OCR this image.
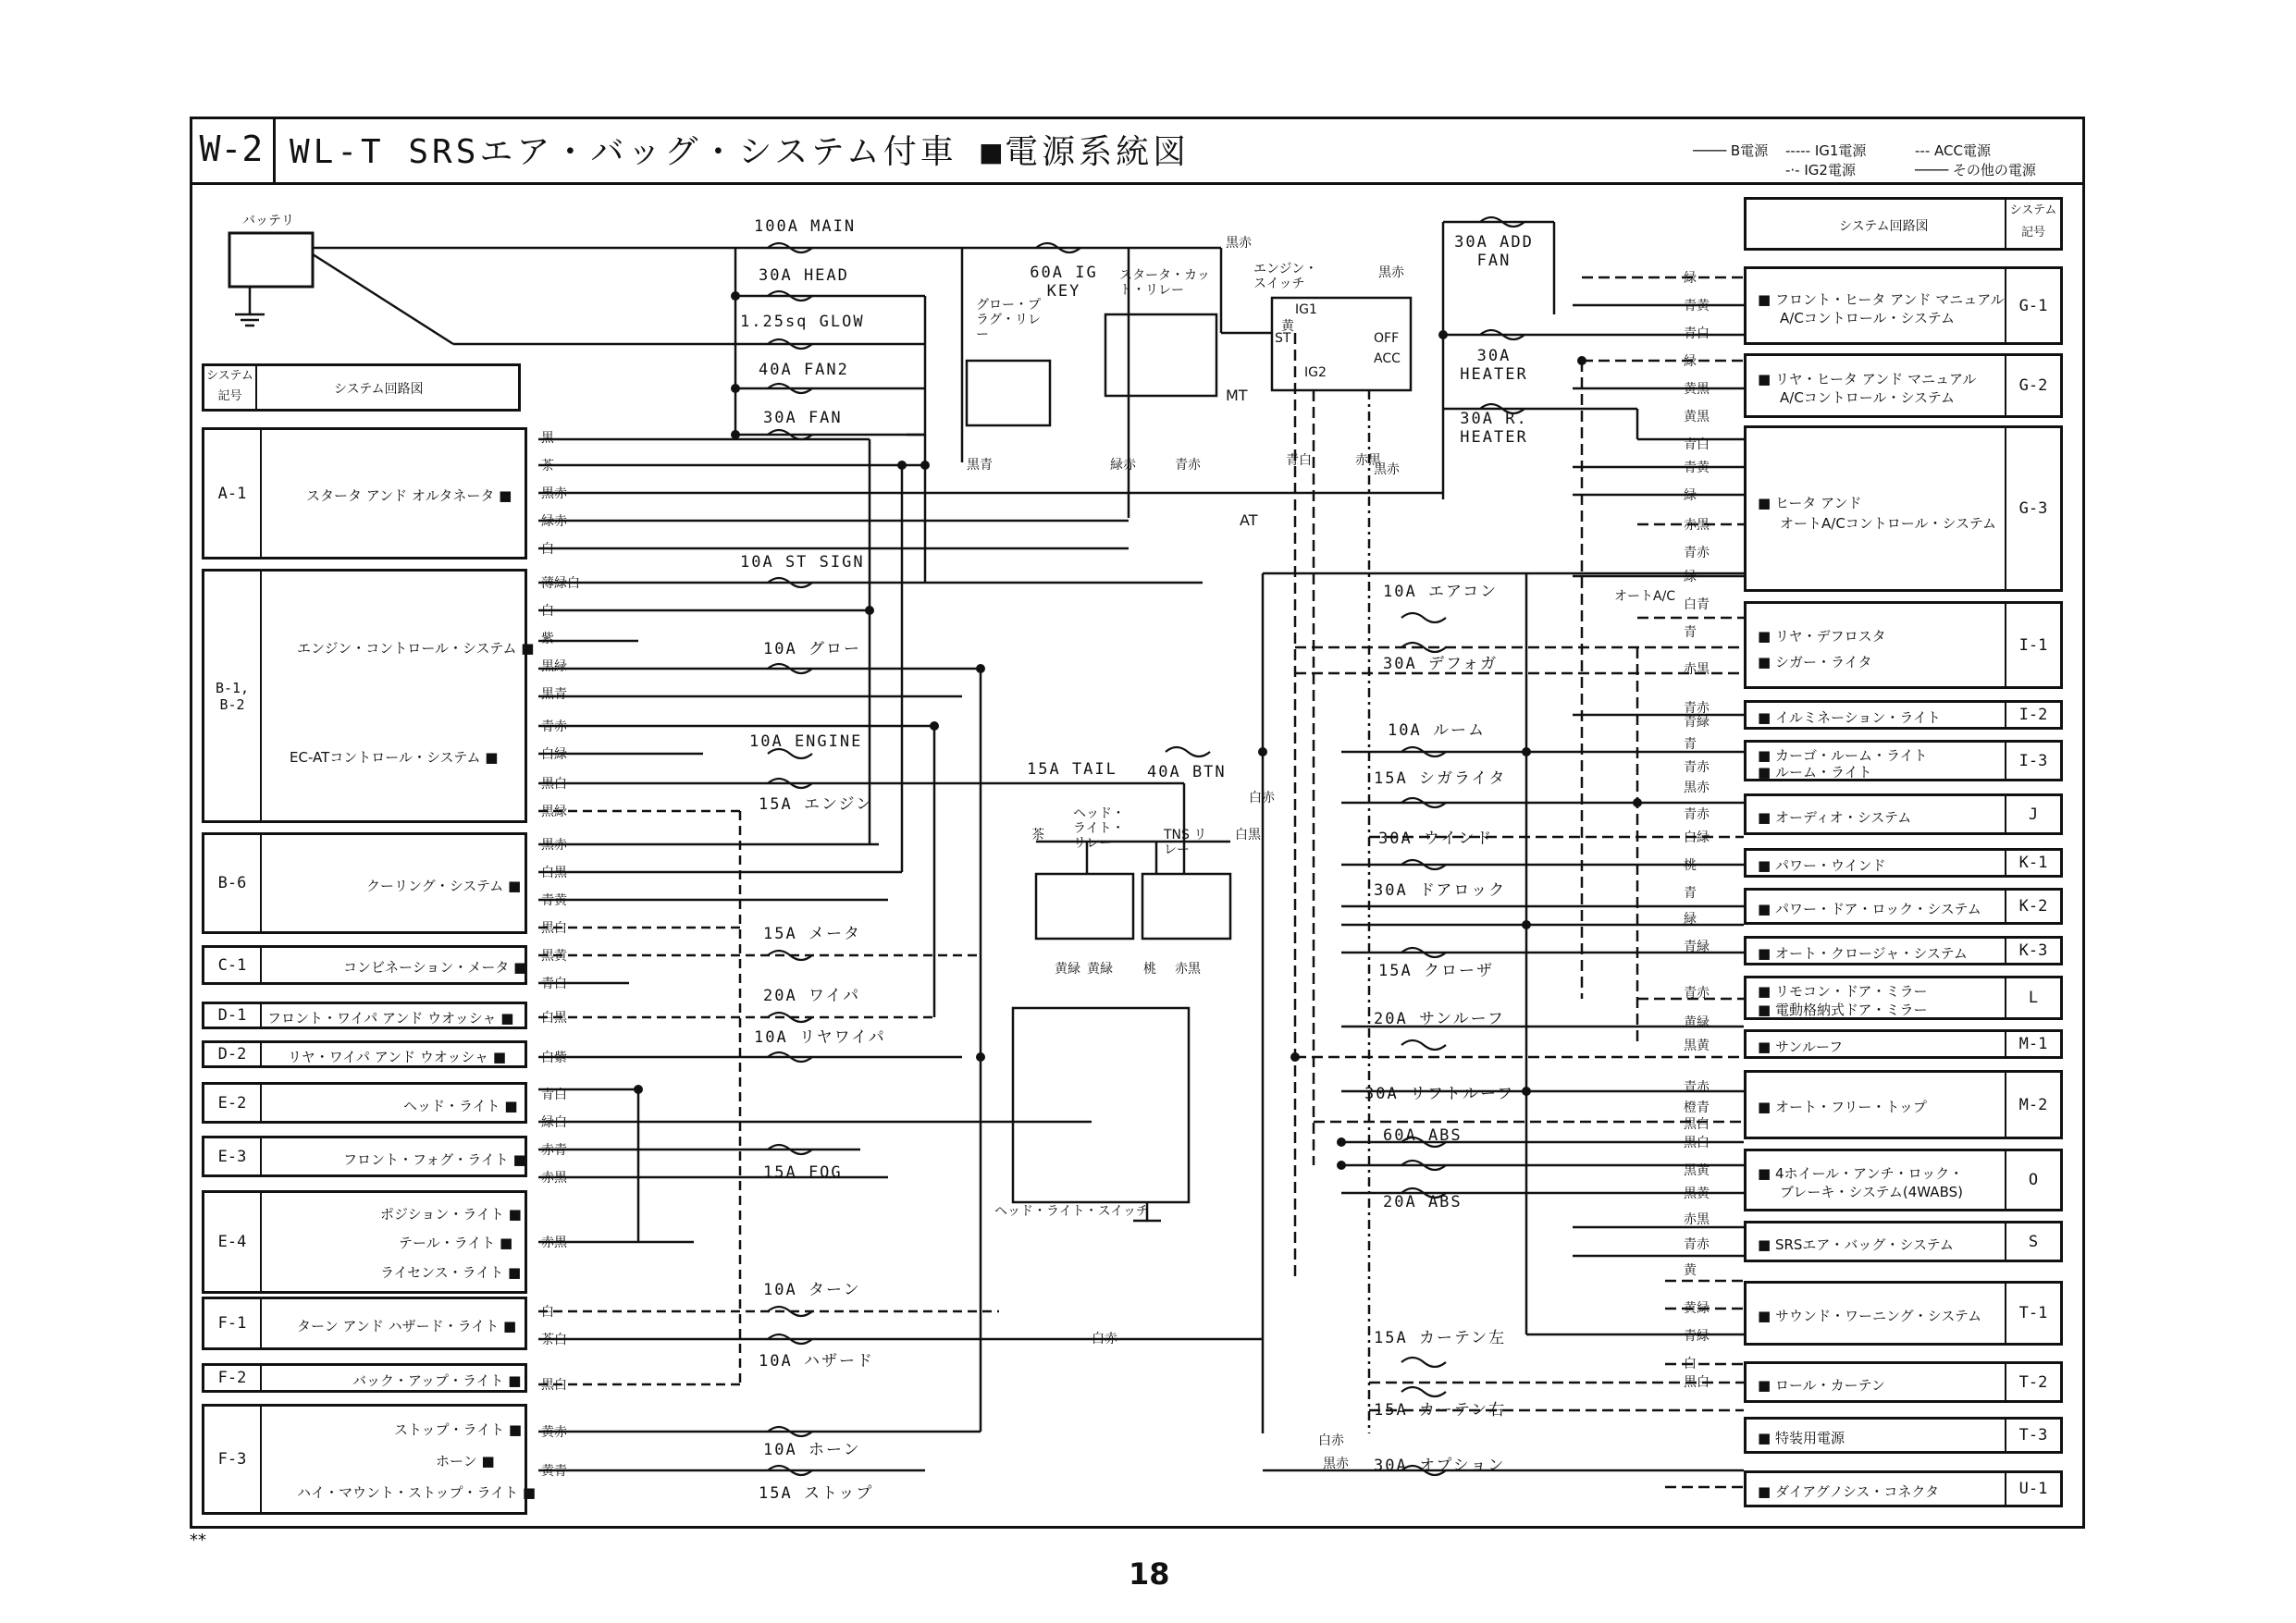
W-2 WL-T SRSエア・バッグ・システム付車 ■電源系統図	──── B電源 ----- IG1電源	--- ACC電源
-·- IG2電源	──── その他の電源
バッテリ
システム記号	システム回路図
システム回路図
システム記号
A-1	スタータ アンド オルタネータ ■
B-1, B-2
エンジン・コントロール・システム ■
EC-ATコントロール・システム ■
B-6	クーリング・システム ■
C-1	コンビネーション・メータ ■
D-1	フロント・ワイパ アンド ウオッシャ ■
D-2	リヤ・ワイパ アンド ウオッシャ ■
E-2	ヘッド・ライト ■
E-3	フロント・フォグ・ライト ■
E-4
ポジション・ライト ■
テール・ライト ■
ライセンス・ライト ■
F-1	ターン アンド ハザード・ライト ■
F-2	バック・アップ・ライト ■
F-3
ストップ・ライト ■
ホーン ■
ハイ・マウント・ストップ・ライト ■
■ フロント・ヒータ アンド マニュアル
A/Cコントロール・システム
G-1
■ リヤ・ヒータ アンド マニュアル
A/Cコントロール・システム
G-2
■ ヒータ アンド
オートA/Cコントロール・システム
G-3
■ リヤ・デフロスタ
■ シガー・ライタ
I-1
■ イルミネーション・ライト	I-2
■ カーゴ・ルーム・ライト
■ ルーム・ライト
I-3
■ オーディオ・システム	J
■ パワー・ウインド	K-1
■ パワー・ドア・ロック・システム	K-2
■ オート・クロージャ・システム	K-3
■ リモコン・ドア・ミラー
■ 電動格納式ドア・ミラー
L
■ サンルーフ	M-1
■ オート・フリー・トップ	M-2
■ 4ホイール・アンチ・ロック・
ブレーキ・システム(4WABS)
O
■ SRSエア・バッグ・システム	S
■ サウンド・ワーニング・システム	T-1
■ ロール・カーテン	T-2
■ 特装用電源	T-3
■ ダイアグノシス・コネクタ	U-1
100A MAIN
30A HEAD
1.25sq GLOW
40A FAN2
30A FAN
10A ST SIGN
10A グロー
10A ENGINE
15A エンジン
15A メータ
20A ワイパ
10A リヤワイパ
15A FOG
10A ターン
10A ハザード
10A ホーン
15A ストップ
60A IG KEY
15A TAIL 40A BTN
30A ADD FAN
30A HEATER
30A R. HEATER
10A エアコン
30A デフォガ
10A ルーム
15A シガライタ
30A ウインド
30A ドアロック
15A クローザ
20A サンルーフ
30A リフトルーフ
60A ABS
20A ABS
15A カーテン左
15A カーテン右
30A オプション
グロー・プラグ・リレー
スタータ・カット・リレー
エンジン・スイッチ
IG1
ST	OFF
ACC
IG2
ヘッド・ライト・リレー
TNS リレー
ヘッド・ライト・スイッチ
オートA/C
AT
MT
黒
茶
黒赤
緑赤
白
薄緑白
白
紫
黒緑
黒青
青赤
白緑
黒白
黒緑
黒赤
白黒
青黄
黒白
黒黄
青白
白黒
白紫
青白
緑白
赤青
赤黒
赤黒
白
茶白
黒白
黄赤
黄青
緑
青黄
青白
緑
黄黒
黄黒
青白
青黄
緑
赤黒
青赤
緑
白青
青
赤黒
青赤
青緑
青
青赤
黒赤
青赤
白緑
桃
青
緑
青緑
青赤
黄緑
黒黄
青赤
橙青
黒白
黒白
黒黄
黒黄
赤黒
青赤
黄
黄緑
青緑
白
黒白
黒赤
黒赤
黄
青白	赤黒
黒赤
黒青	緑赤	青赤
茶	白黒
黄緑 黄緑 桃 赤黒
白赤
白赤
白赤
黒赤
**
18
